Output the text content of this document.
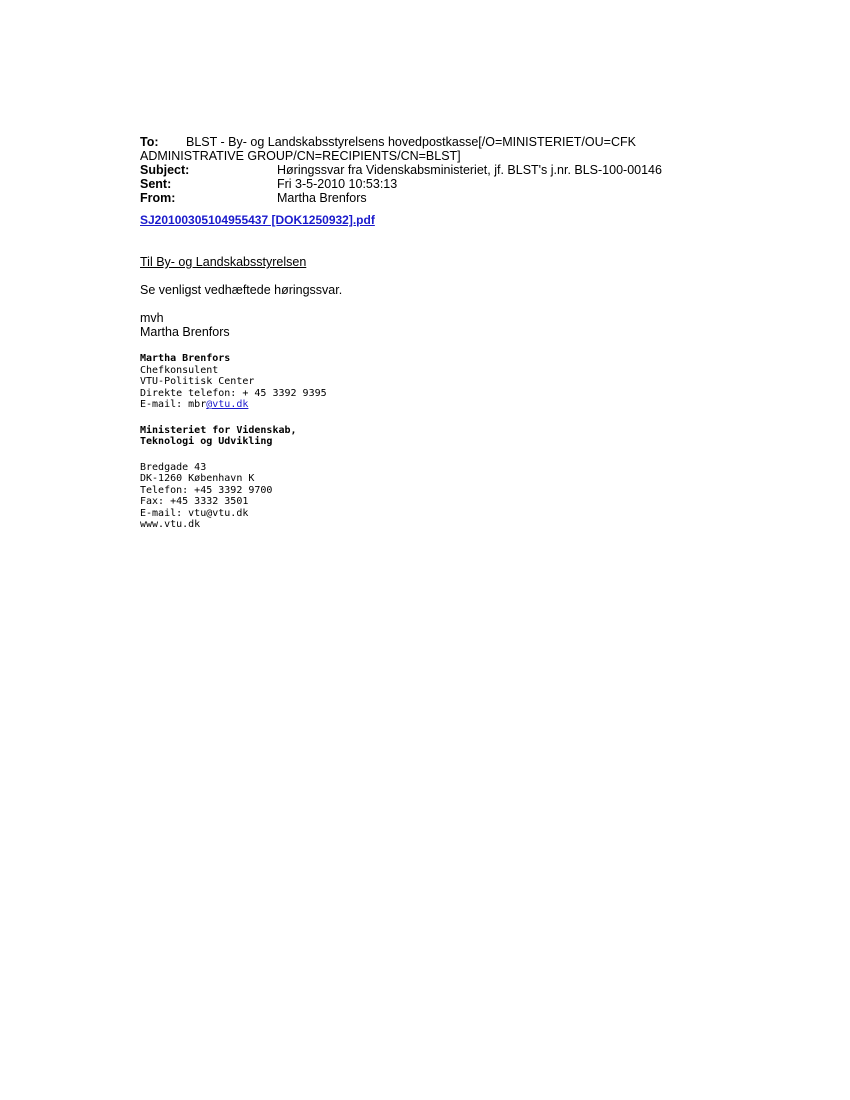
To: BLST - By- og Landskabsstyrelsens hovedpostkasse[/O=MINISTERIET/OU=CFK
ADMINISTRATIVE GROUP/CN=RECIPIENTS/CN=BLST]
Subject:	Høringssvar fra Videnskabsministeriet, jf. BLST's j.nr. BLS-100-00146
Sent:	Fri 3-5-2010 10:53:13
From:	Martha Brenfors
SJ20100305104955437 [DOK1250932].pdf
Til By- og Landskabsstyrelsen
Se venligst vedhæftede høringssvar.
mvh
Martha Brenfors
Martha Brenfors
Chefkonsulent
VTU-Politisk Center
Direkte telefon: + 45 3392 9395
E-mail: mbr@vtu.dk
Ministeriet for Videnskab,
Teknologi og Udvikling
Bredgade 43
DK-1260 København K
Telefon: +45 3392 9700
Fax: +45 3332 3501
E-mail: vtu@vtu.dk
www.vtu.dk
